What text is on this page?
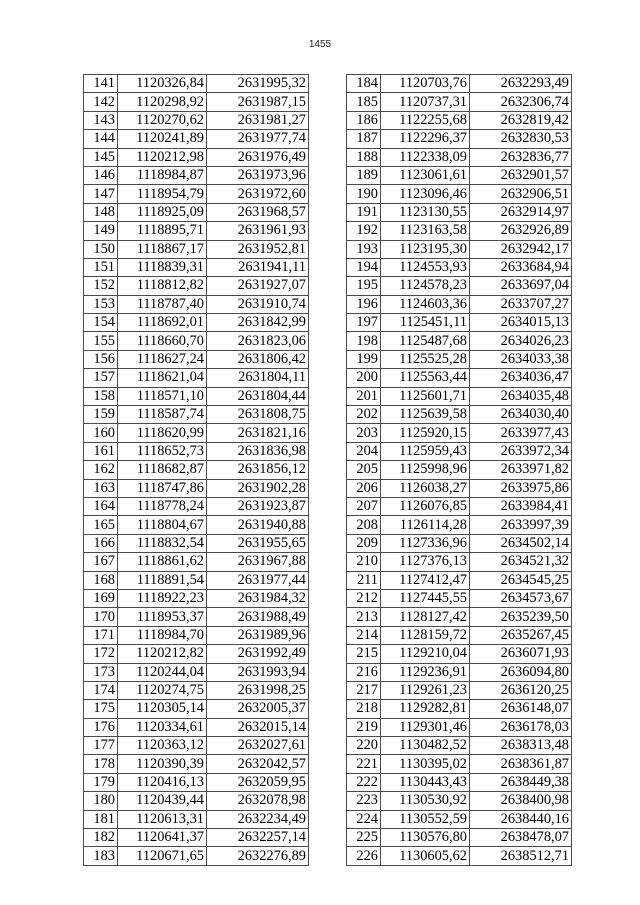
1455
141	1120326,84	2631995,32
142	1120298,92	2631987,15
143	1120270,62	2631981,27
144	1120241,89	2631977,74
145	1120212,98	2631976,49
146	1118984,87	2631973,96
147	1118954,79	2631972,60
148	1118925,09	2631968,57
149	1118895,71	2631961,93
150	1118867,17	2631952,81
151	1118839,31	2631941,11
152	1118812,82	2631927,07
153	1118787,40	2631910,74
154	1118692,01	2631842,99
155	1118660,70	2631823,06
156	1118627,24	2631806,42
157	1118621,04	2631804,11
158	1118571,10	2631804,44
159	1118587,74	2631808,75
160	1118620,99	2631821,16
161	1118652,73	2631836,98
162	1118682,87	2631856,12
163	1118747,86	2631902,28
164	1118778,24	2631923,87
165	1118804,67	2631940,88
166	1118832,54	2631955,65
167	1118861,62	2631967,88
168	1118891,54	2631977,44
169	1118922,23	2631984,32
170	1118953,37	2631988,49
171	1118984,70	2631989,96
172	1120212,82	2631992,49
173	1120244,04	2631993,94
174	1120274,75	2631998,25
175	1120305,14	2632005,37
176	1120334,61	2632015,14
177	1120363,12	2632027,61
178	1120390,39	2632042,57
179	1120416,13	2632059,95
180	1120439,44	2632078,98
181	1120613,31	2632234,49
182	1120641,37	2632257,14
183	1120671,65	2632276,89
184	1120703,76	2632293,49
185	1120737,31	2632306,74
186	1122255,68	2632819,42
187	1122296,37	2632830,53
188	1122338,09	2632836,77
189	1123061,61	2632901,57
190	1123096,46	2632906,51
191	1123130,55	2632914,97
192	1123163,58	2632926,89
193	1123195,30	2632942,17
194	1124553,93	2633684,94
195	1124578,23	2633697,04
196	1124603,36	2633707,27
197	1125451,11	2634015,13
198	1125487,68	2634026,23
199	1125525,28	2634033,38
200	1125563,44	2634036,47
201	1125601,71	2634035,48
202	1125639,58	2634030,40
203	1125920,15	2633977,43
204	1125959,43	2633972,34
205	1125998,96	2633971,82
206	1126038,27	2633975,86
207	1126076,85	2633984,41
208	1126114,28	2633997,39
209	1127336,96	2634502,14
210	1127376,13	2634521,32
211	1127412,47	2634545,25
212	1127445,55	2634573,67
213	1128127,42	2635239,50
214	1128159,72	2635267,45
215	1129210,04	2636071,93
216	1129236,91	2636094,80
217	1129261,23	2636120,25
218	1129282,81	2636148,07
219	1129301,46	2636178,03
220	1130482,52	2638313,48
221	1130395,02	2638361,87
222	1130443,43	2638449,38
223	1130530,92	2638400,98
224	1130552,59	2638440,16
225	1130576,80	2638478,07
226	1130605,62	2638512,71
